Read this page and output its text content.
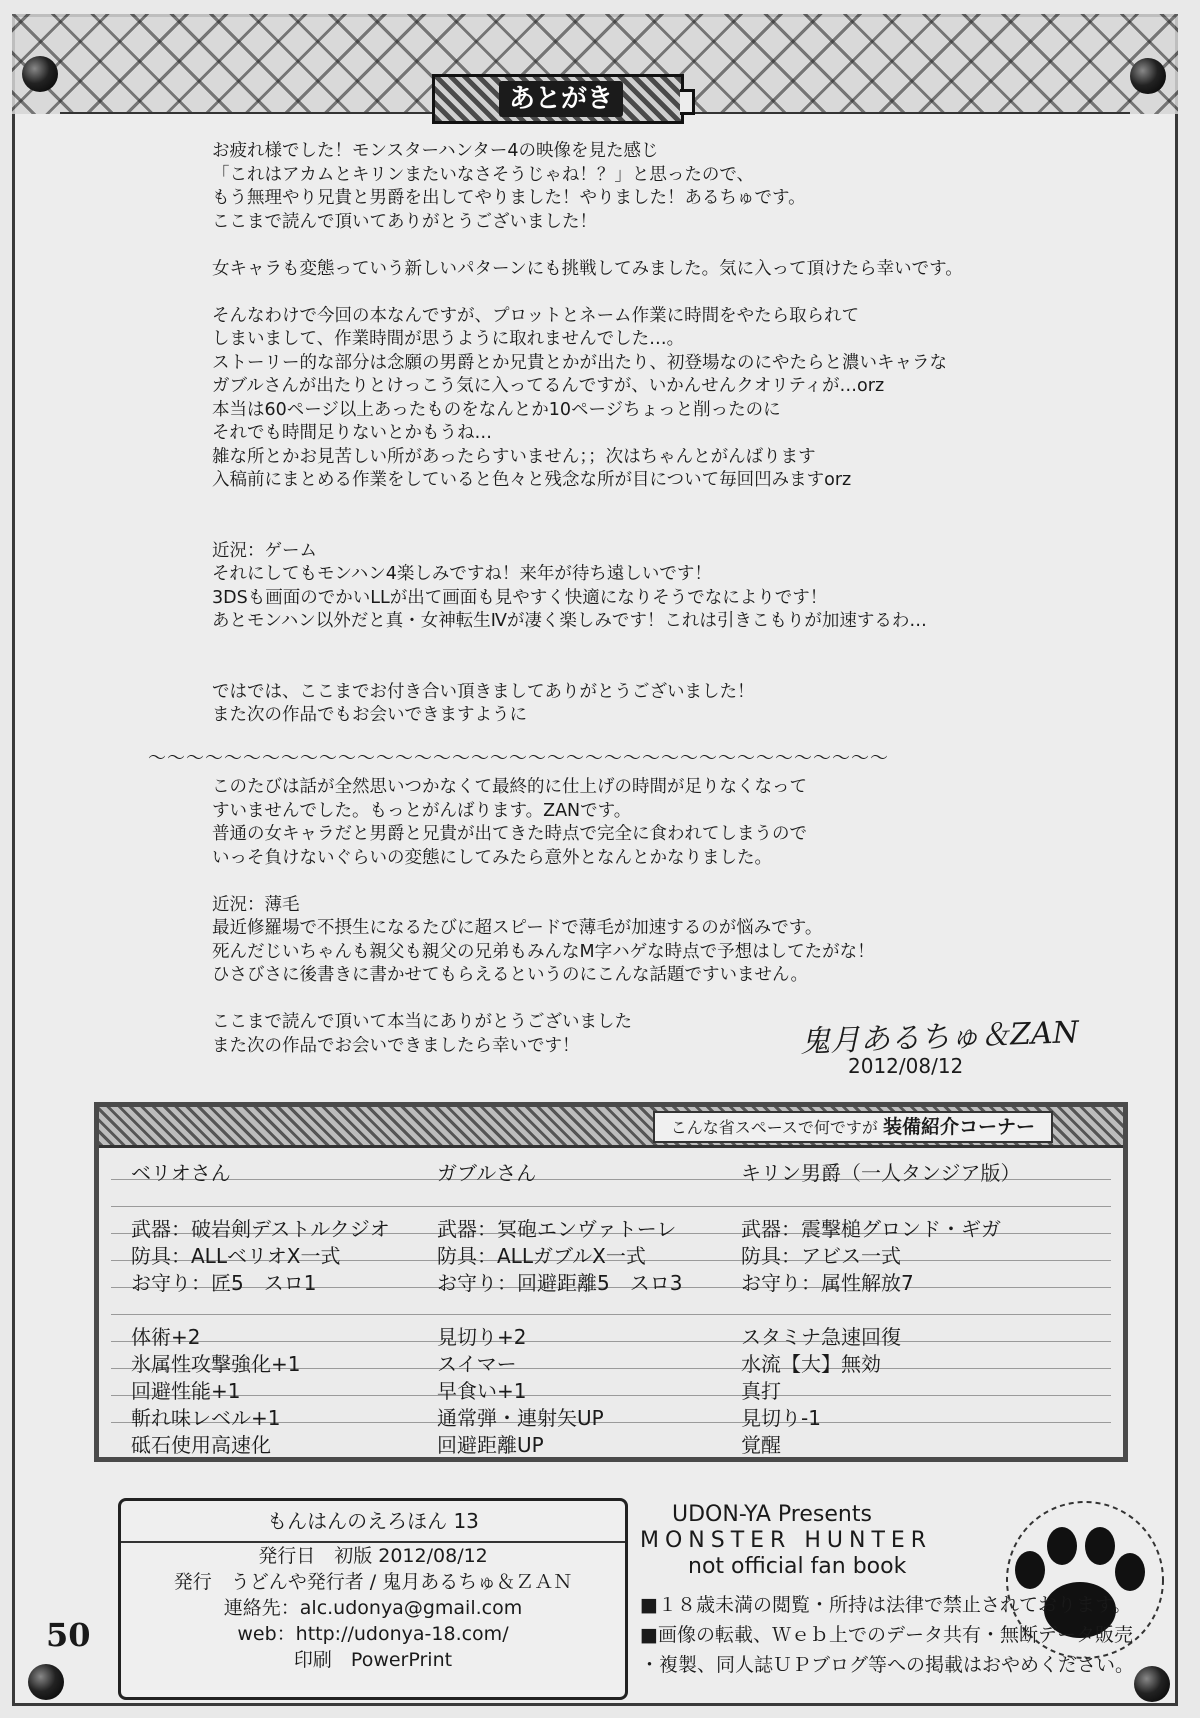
あとがき

お疲れ様でした！モンスターハンター4の映像を見た感じ

「これはアカムとキリンまたいなさそうじゃね！？」と思ったので、

もう無理やり兄貴と男爵を出してやりました！やりました！あるちゅです。

ここまで読んで頂いてありがとうございました！

女キャラも変態っていう新しいパターンにも挑戦してみました。気に入って頂けたら幸いです。

そんなわけで今回の本なんですが、プロットとネーム作業に時間をやたら取られて

しまいまして、作業時間が思うように取れませんでした…。

ストーリー的な部分は念願の男爵とか兄貴とかが出たり、初登場なのにやたらと濃いキャラな

ガブルさんが出たりとけっこう気に入ってるんですが、いかんせんクオリティが…orz

本当は60ページ以上あったものをなんとか10ページちょっと削ったのに

それでも時間足りないとかもうね…

雑な所とかお見苦しい所があったらすいません；；次はちゃんとがんばります

入稿前にまとめる作業をしていると色々と残念な所が目について毎回凹みますorz

近況：ゲーム

それにしてもモンハン4楽しみですね！来年が待ち遠しいです！

3DSも画面のでかいLLが出て画面も見やすく快適になりそうでなによりです！

あとモンハン以外だと真・女神転生Ⅳが凄く楽しみです！これは引きこもりが加速するわ…

ではでは、ここまでお付き合い頂きましてありがとうございました！

また次の作品でもお会いできますように

～～～～～～～～～～～～～～～～～～～～～～～～～～～～～～～～～～～～～～～

このたびは話が全然思いつかなくて最終的に仕上げの時間が足りなくなって

すいませんでした。もっとがんばります。ZANです。

普通の女キャラだと男爵と兄貴が出てきた時点で完全に食われてしまうので

いっそ負けないぐらいの変態にしてみたら意外となんとかなりました。

近況：薄毛

最近修羅場で不摂生になるたびに超スピードで薄毛が加速するのが悩みです。

死んだじいちゃんも親父も親父の兄弟もみんなM字ハゲな時点で予想はしてたがな！

ひさびさに後書きに書かせてもらえるというのにこんな話題ですいません。

ここまで読んで頂いて本当にありがとうございました

また次の作品でお会いできましたら幸いです！	鬼月あるちゅ＆ZAN
2012/08/12
こんな省スペースで何ですが 装備紹介コーナー
ベリオさん
武器：破岩剣デストルクジオ
防具：ALLベリオX一式
お守り：匠5　スロ1
体術+2
氷属性攻撃強化+1
回避性能+1
斬れ味レベル+1
砥石使用高速化
ガブルさん
武器：冥砲エンヴァトーレ
防具：ALLガブルX一式
お守り：回避距離5　スロ3
見切り+2
スイマー
早食い+1
通常弾・連射矢UP
回避距離UP
キリン男爵（一人タンジア版）
武器：震撃槌グロンド・ギガ
防具：アビス一式
お守り：属性解放7
スタミナ急速回復
水流【大】無効
真打
見切り-1
覚醒
もんはんのえろほん 13
発行日　初版 2012/08/12
発行　うどんや発行者 / 鬼月あるちゅ＆ＺＡＮ
連絡先：alc.udonya@gmail.com
web：http://udonya-18.com/
印刷　PowerPrint
50
UDON-YA Presents
MONSTER HUNTER
not official fan book
■１８歳未満の閲覧・所持は法律で禁止されております。
■画像の転載、Ｗｅｂ上でのデータ共有・無断データ販売
・複製、同人誌ＵＰブログ等への掲載はおやめください。
